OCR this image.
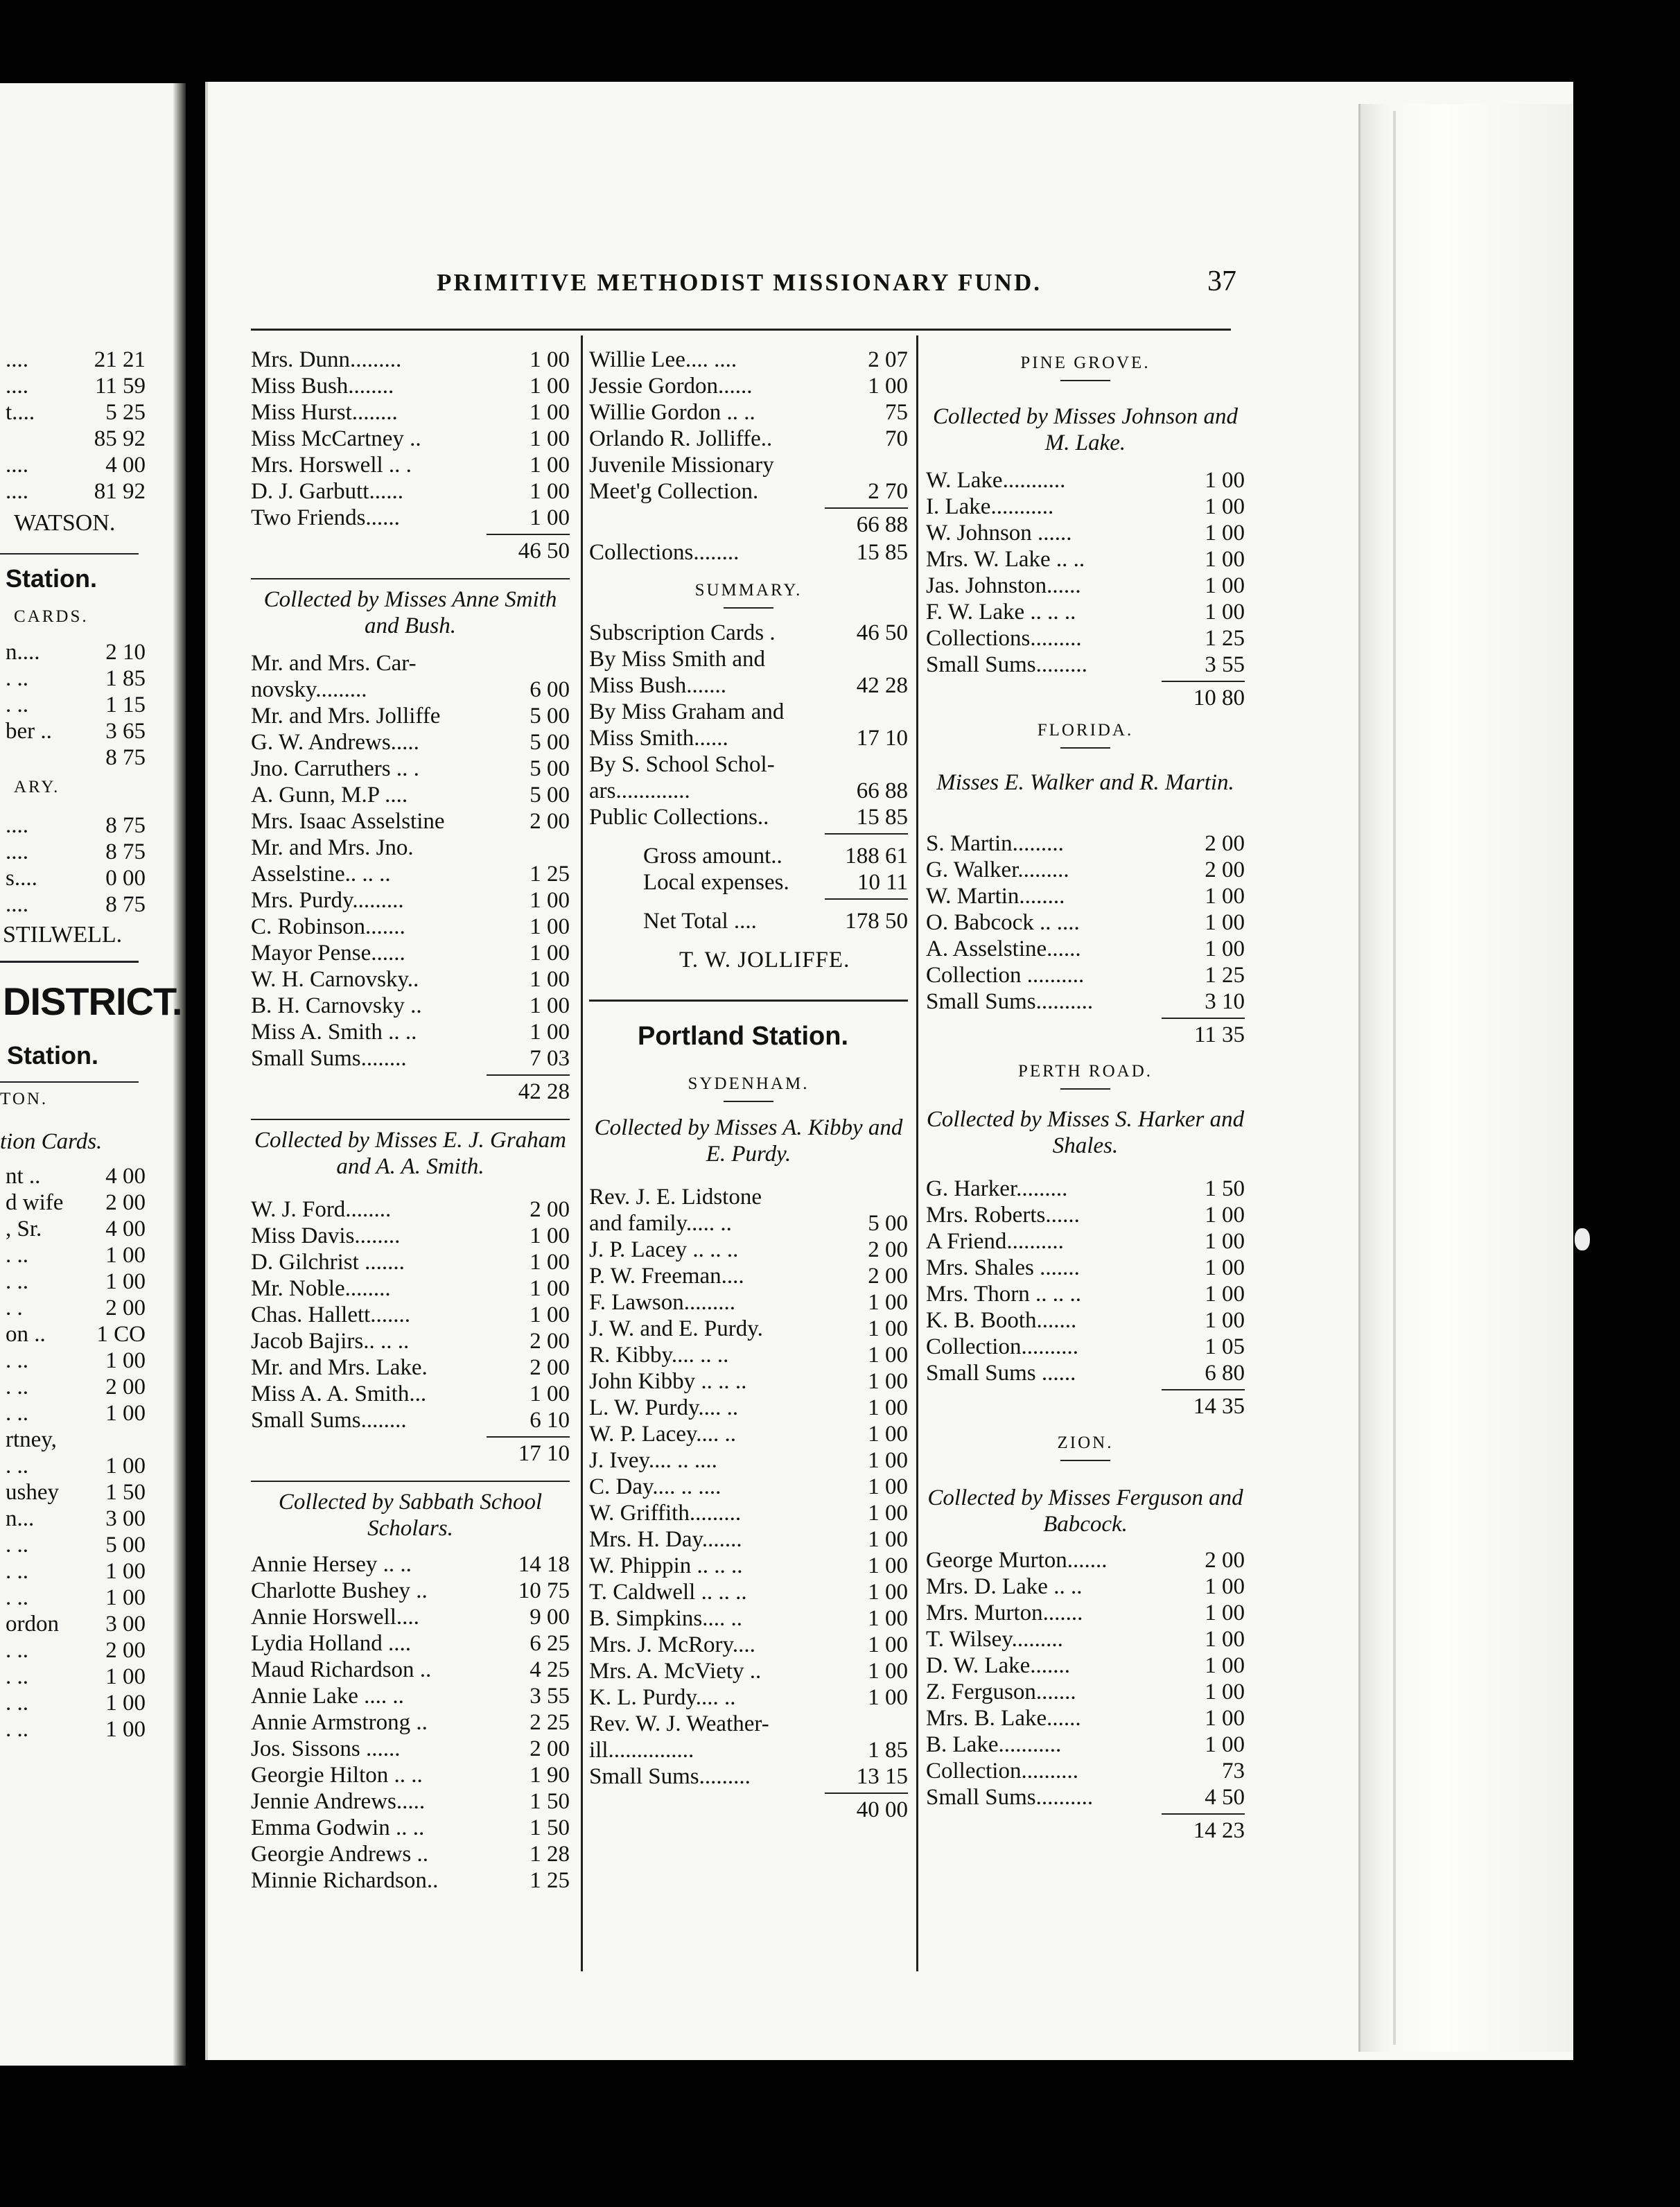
....	21 21
....	11 59
t....	5 25
85 92
....	4 00
....	81 92
WATSON.
Station.
CARDS.
n....	2 10
. ..	1 85
. ..	1 15
ber .. 3 65
8 75
ARY.
....	8 75
....	8 75
s....	0 00
....	8 75
STILWELL.
DISTRICT.
Station.
TON.
tion Cards.
nt ..	4 00
d wife 2 00
, Sr.	4 00
. ..	1 00
. ..	1 00
. .	2 00
on .. 1 CO
. ..	1 00
. ..	2 00
. ..	1 00
rtney,
. ..	1 00
ushey 1 50
n...	3 00
. ..	5 00
. ..	1 00
. ..	1 00
ordon 3 00
. ..	2 00
. ..	1 00
. ..	1 00
. ..	1 00
PRIMITIVE METHODIST MISSIONARY FUND.	37
Mrs. Dunn.........	1 00
Miss Bush........	1 00
Miss Hurst........	1 00
Miss McCartney ..	1 00
Mrs. Horswell .. .	1 00
D. J. Garbutt......	1 00
Two Friends......	1 00
46 50
Collected by Misses Anne Smith and Bush.
Mr. and Mrs. Car-
novsky.........	6 00
Mr. and Mrs. Jolliffe	5 00
G. W. Andrews.....	5 00
Jno. Carruthers .. .	5 00
A. Gunn, M.P ....	5 00
Mrs. Isaac Asselstine	2 00
Mr. and Mrs. Jno.
Asselstine.. .. ..	1 25
Mrs. Purdy.........	1 00
C. Robinson.......	1 00
Mayor Pense......	1 00
W. H. Carnovsky..	1 00
B. H. Carnovsky ..	1 00
Miss A. Smith .. ..	1 00
Small Sums........	7 03
42 28
Collected by Misses E. J. Graham and A. A. Smith.
W. J. Ford........	2 00
Miss Davis........	1 00
D. Gilchrist .......	1 00
Mr. Noble........	1 00
Chas. Hallett.......	1 00
Jacob Bajirs.. .. ..	2 00
Mr. and Mrs. Lake.	2 00
Miss A. A. Smith...	1 00
Small Sums........	6 10
17 10
Collected by Sabbath School Scholars.
Annie Hersey .. ..	14 18
Charlotte Bushey ..	10 75
Annie Horswell....	9 00
Lydia Holland ....	6 25
Maud Richardson ..	4 25
Annie Lake .... ..	3 55
Annie Armstrong ..	2 25
Jos. Sissons ......	2 00
Georgie Hilton .. ..	1 90
Jennie Andrews.....	1 50
Emma Godwin .. ..	1 50
Georgie Andrews ..	1 28
Minnie Richardson..	1 25
Willie Lee.... ....	2 07
Jessie Gordon......	1 00
Willie Gordon .. ..	75
Orlando R. Jolliffe..	70
Juvenile Missionary
Meet'g Collection.	2 70
66 88
Collections........	15 85
SUMMARY.
Subscription Cards .	46 50
By Miss Smith and
Miss Bush.......	42 28
By Miss Graham and
Miss Smith......	17 10
By S. School Schol-
ars.............	66 88
Public Collections..	15 85
Gross amount..	188 61
Local expenses.	10 11
Net Total ....	178 50
T. W. JOLLIFFE.
Portland Station.
SYDENHAM.
Collected by Misses A. Kibby and E. Purdy.
Rev. J. E. Lidstone
and family..... ..	5 00
J. P. Lacey .. .. ..	2 00
P. W. Freeman....	2 00
F. Lawson.........	1 00
J. W. and E. Purdy.	1 00
R. Kibby.... .. ..	1 00
John Kibby .. .. ..	1 00
L. W. Purdy.... ..	1 00
W. P. Lacey.... ..	1 00
J. Ivey.... .. ....	1 00
C. Day.... .. ....	1 00
W. Griffith.........	1 00
Mrs. H. Day.......	1 00
W. Phippin .. .. ..	1 00
T. Caldwell .. .. ..	1 00
B. Simpkins.... ..	1 00
Mrs. J. McRory....	1 00
Mrs. A. McViety ..	1 00
K. L. Purdy.... ..	1 00
Rev. W. J. Weather-
ill...............	1 85
Small Sums.........	13 15
40 00
PINE GROVE.
Collected by Misses Johnson and M. Lake.
W. Lake...........	1 00
I. Lake...........	1 00
W. Johnson ......	1 00
Mrs. W. Lake .. ..	1 00
Jas. Johnston......	1 00
F. W. Lake .. .. ..	1 00
Collections.........	1 25
Small Sums.........	3 55
10 80
FLORIDA.
Misses E. Walker and R. Martin.
S. Martin.........	2 00
G. Walker.........	2 00
W. Martin........	1 00
O. Babcock .. ....	1 00
A. Asselstine......	1 00
Collection ..........	1 25
Small Sums..........	3 10
11 35
PERTH ROAD.
Collected by Misses S. Harker and Shales.
G. Harker.........	1 50
Mrs. Roberts......	1 00
A Friend..........	1 00
Mrs. Shales .......	1 00
Mrs. Thorn .. .. ..	1 00
K. B. Booth.......	1 00
Collection..........	1 05
Small Sums ......	6 80
14 35
ZION.
Collected by Misses Ferguson and Babcock.
George Murton.......	2 00
Mrs. D. Lake .. ..	1 00
Mrs. Murton.......	1 00
T. Wilsey.........	1 00
D. W. Lake.......	1 00
Z. Ferguson.......	1 00
Mrs. B. Lake......	1 00
B. Lake...........	1 00
Collection..........	73
Small Sums..........	4 50
14 23
